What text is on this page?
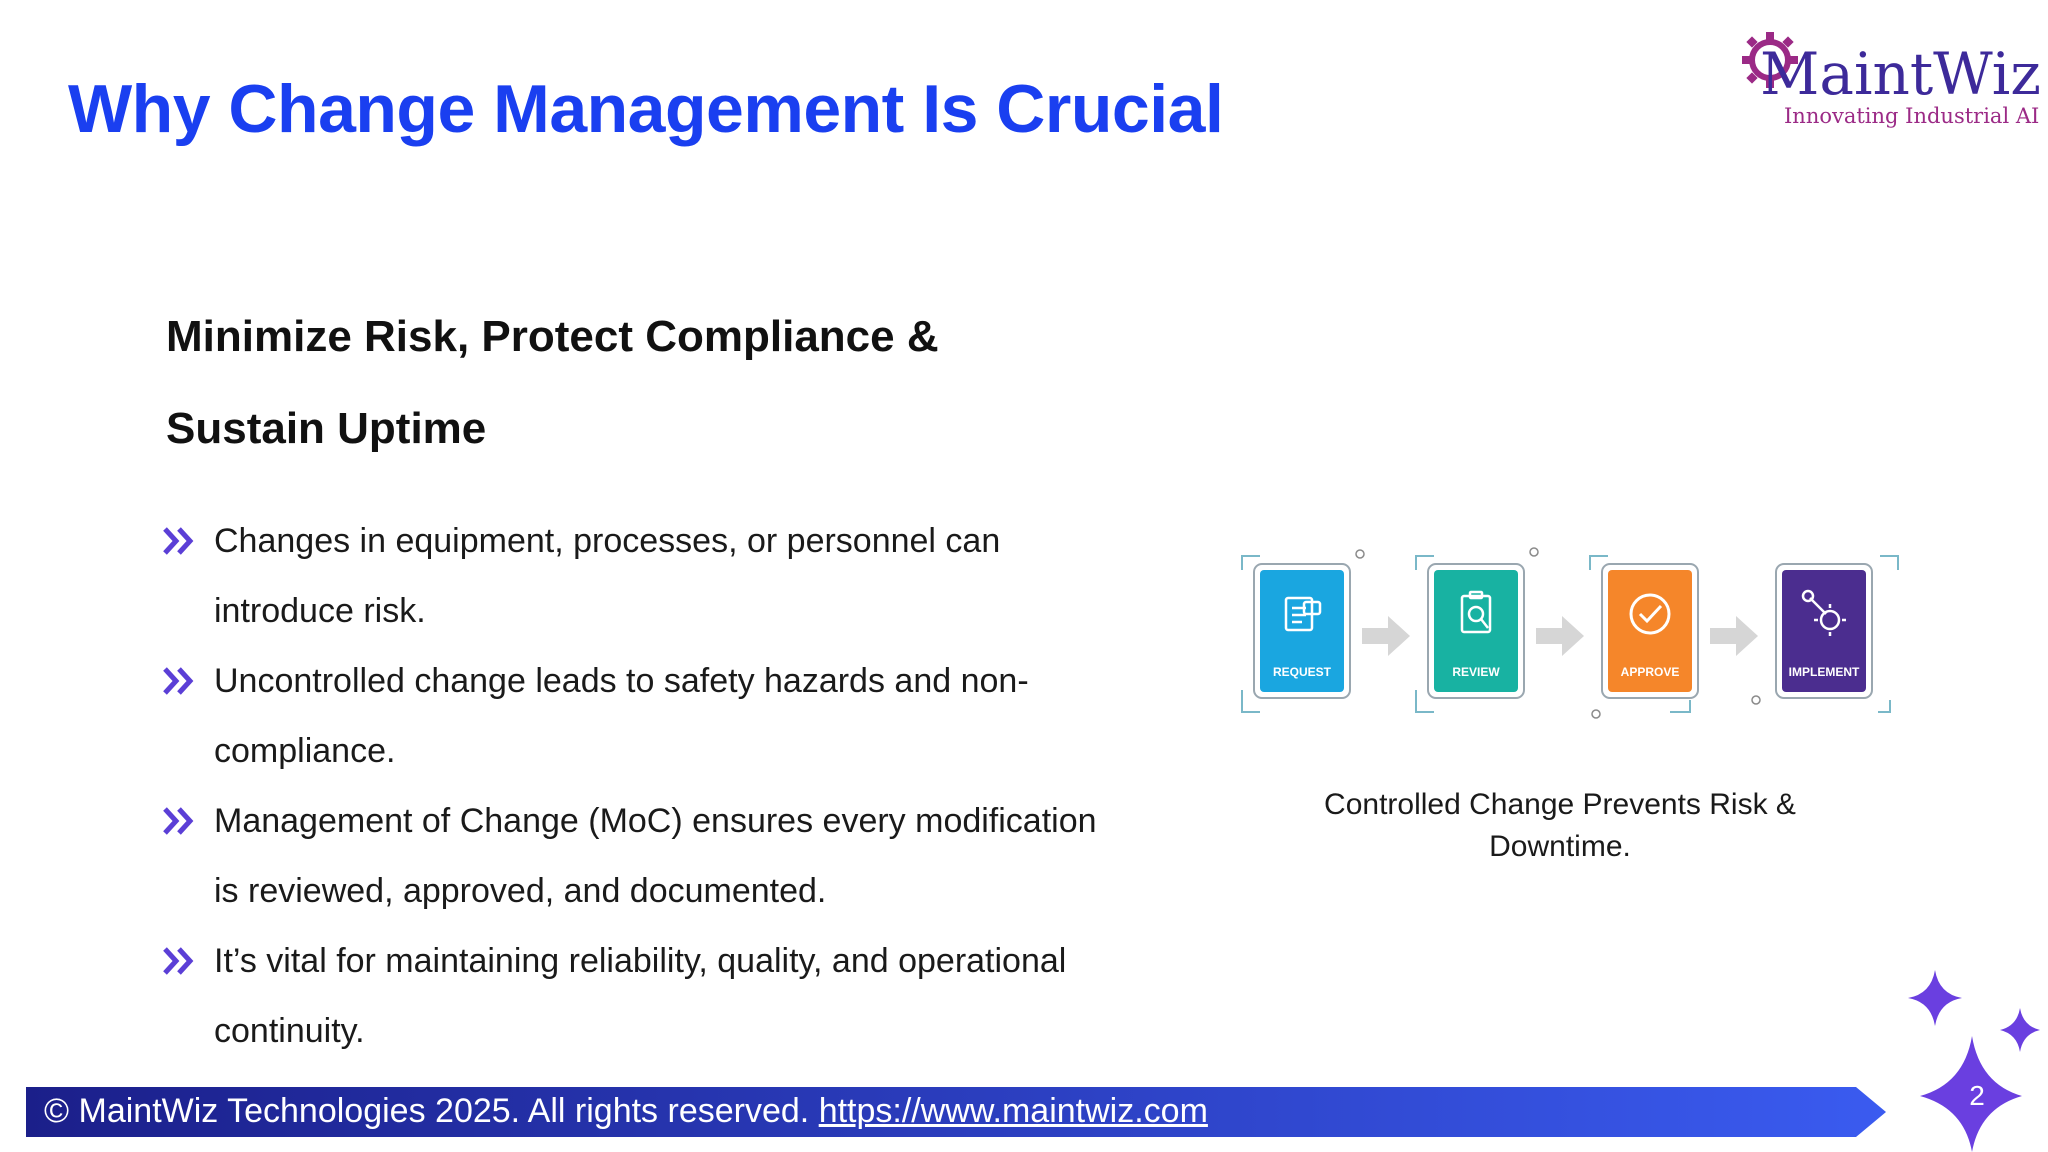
Why Change Management Is Crucial	MaintWiz
Innovating Industrial AI
Minimize Risk, Protect Compliance &
Sustain Uptime
Changes in equipment, processes, or personnel can
introduce risk.
Uncontrolled change leads to safety hazards and non-
compliance.
Management of Change (MoC) ensures every modification
is reviewed, approved, and documented.
It’s vital for maintaining reliability, quality, and operational
continuity.
REQUEST	REVIEW	APPROVE	IMPLEMENT
Controlled Change Prevents Risk & Downtime.
© MaintWiz Technologies 2025. All rights reserved. https://www.maintwiz.com	2
